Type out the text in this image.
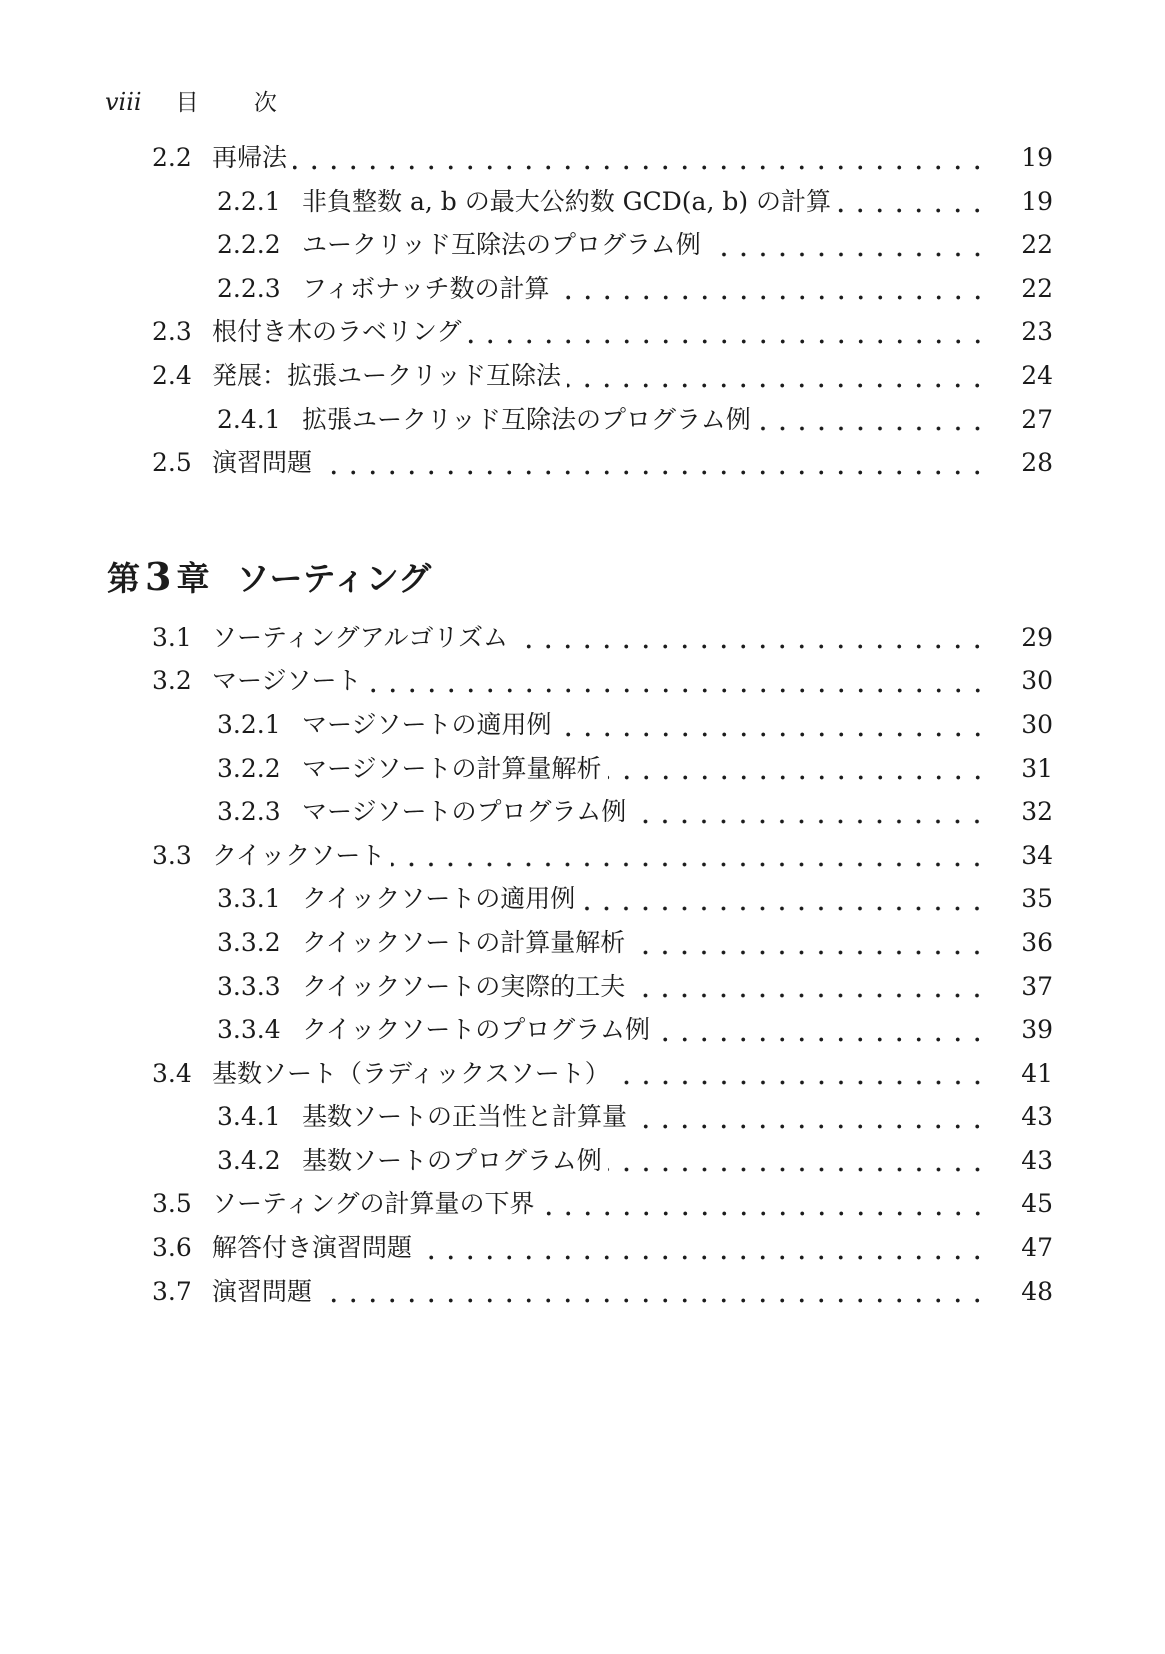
viii 目 次
2.2 再帰法	19
2.2.1 非負整数 a, b の最大公約数 GCD(a, b) の計算	19
2.2.2 ユークリッド互除法のプログラム例	22
2.2.3 フィボナッチ数の計算	22
2.3 根付き木のラベリング	23
2.4 発展：拡張ユークリッド互除法	24
2.4.1 拡張ユークリッド互除法のプログラム例	27
2.5 演習問題	28
第 3 章 ソーティング
3.1 ソーティングアルゴリズム	29
3.2 マージソート	30
3.2.1 マージソートの適用例	30
3.2.2 マージソートの計算量解析	31
3.2.3 マージソートのプログラム例	32
3.3 クイックソート	34
3.3.1 クイックソートの適用例	35
3.3.2 クイックソートの計算量解析	36
3.3.3 クイックソートの実際的工夫	37
3.3.4 クイックソートのプログラム例	39
3.4 基数ソート（ラディックスソート）	41
3.4.1 基数ソートの正当性と計算量	43
3.4.2 基数ソートのプログラム例	43
3.5 ソーティングの計算量の下界	45
3.6 解答付き演習問題	47
3.7 演習問題	48
